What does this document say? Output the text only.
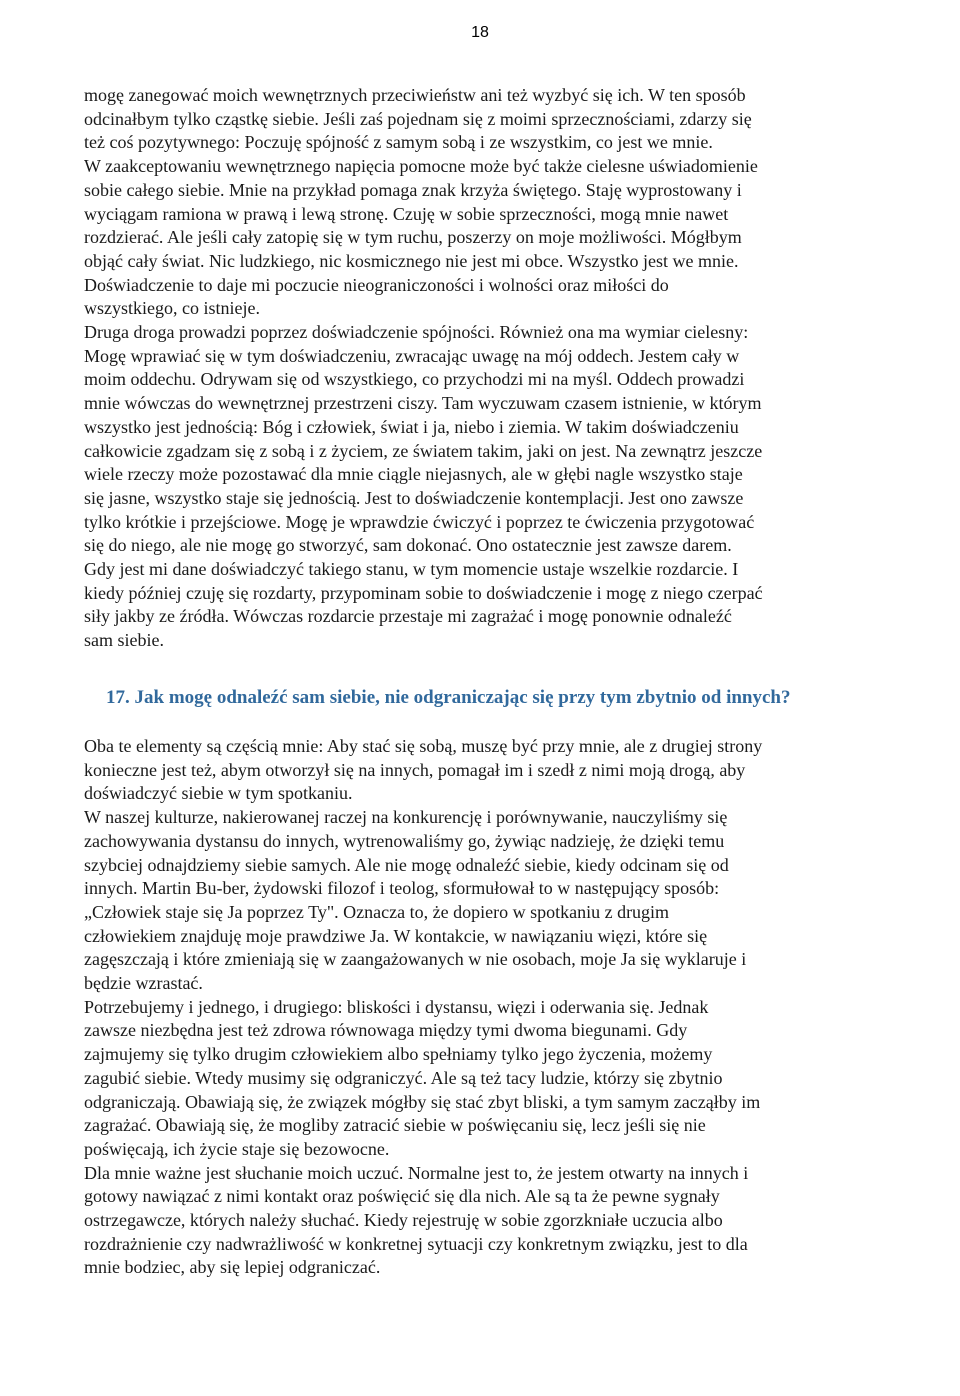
18

mogę zanegować moich wewnętrznych przeciwieństw ani też wyzbyć się ich. W ten sposób
odcinałbym tylko cząstkę siebie. Jeśli zaś pojednam się z moimi sprzecznościami, zdarzy się
też coś pozytywnego: Poczuję spójność z samym sobą i ze wszystkim, co jest we mnie.

W zaakceptowaniu wewnętrznego napięcia pomocne może być także cielesne uświadomienie
sobie całego siebie. Mnie na przykład pomaga znak krzyża świętego. Staję wyprostowany i
wyciągam ramiona w prawą i lewą stronę. Czuję w sobie sprzeczności, mogą mnie nawet
rozdzierać. Ale jeśli cały zatopię się w tym ruchu, poszerzy on moje możliwości. Mógłbym
objąć cały świat. Nic ludzkiego, nic kosmicznego nie jest mi obce. Wszystko jest we mnie.
Doświadczenie to daje mi poczucie nieograniczoności i wolności oraz miłości do
wszystkiego, co istnieje.

Druga droga prowadzi poprzez doświadczenie spójności. Również ona ma wymiar cielesny:
Mogę wprawiać się w tym doświadczeniu, zwracając uwagę na mój oddech. Jestem cały w
moim oddechu. Odrywam się od wszystkiego, co przychodzi mi na myśl. Oddech prowadzi
mnie wówczas do wewnętrznej przestrzeni ciszy. Tam wyczuwam czasem istnienie, w którym
wszystko jest jednością: Bóg i człowiek, świat i ja, niebo i ziemia. W takim doświadczeniu
całkowicie zgadzam się z sobą i z życiem, ze światem takim, jaki on jest. Na zewnątrz jeszcze
wiele rzeczy może pozostawać dla mnie ciągle niejasnych, ale w głębi nagle wszystko staje
się jasne, wszystko staje się jednością. Jest to doświadczenie kontemplacji. Jest ono zawsze
tylko krótkie i przejściowe. Mogę je wprawdzie ćwiczyć i poprzez te ćwiczenia przygotować
się do niego, ale nie mogę go stworzyć, sam dokonać. Ono ostatecznie jest zawsze darem.
Gdy jest mi dane doświadczyć takiego stanu, w tym momencie ustaje wszelkie rozdarcie. I
kiedy później czuję się rozdarty, przypominam sobie to doświadczenie i mogę z niego czerpać
siły jakby ze źródła. Wówczas rozdarcie przestaje mi zagrażać i mogę ponownie odnaleźć
sam siebie.

17. Jak mogę odnaleźć sam siebie, nie odgraniczając się przy tym zbytnio od innych?

Oba te elementy są częścią mnie: Aby stać się sobą, muszę być przy mnie, ale z drugiej strony
konieczne jest też, abym otworzył się na innych, pomagał im i szedł z nimi moją drogą, aby
doświadczyć siebie w tym spotkaniu.

W naszej kulturze, nakierowanej raczej na konkurencję i porównywanie, nauczyliśmy się
zachowywania dystansu do innych, wytrenowaliśmy go, żywiąc nadzieję, że dzięki temu
szybciej odnajdziemy siebie samych. Ale nie mogę odnaleźć siebie, kiedy odcinam się od
innych. Martin Bu-ber, żydowski filozof i teolog, sformułował to w następujący sposób:
„Człowiek staje się Ja poprzez Ty". Oznacza to, że dopiero w spotkaniu z drugim
człowiekiem znajduję moje prawdziwe Ja. W kontakcie, w nawiązaniu więzi, które się
zagęszczają i które zmieniają się w zaangażowanych w nie osobach, moje Ja się wyklaruje i
będzie wzrastać.

Potrzebujemy i jednego, i drugiego: bliskości i dystansu, więzi i oderwania się. Jednak
zawsze niezbędna jest też zdrowa równowaga między tymi dwoma biegunami. Gdy
zajmujemy się tylko drugim człowiekiem albo spełniamy tylko jego życzenia, możemy
zagubić siebie. Wtedy musimy się odgraniczyć. Ale są też tacy ludzie, którzy się zbytnio
odgraniczają. Obawiają się, że związek mógłby się stać zbyt bliski, a tym samym zacząłby im
zagrażać. Obawiają się, że mogliby zatracić siebie w poświęcaniu się, lecz jeśli się nie
poświęcają, ich życie staje się bezowocne.

Dla mnie ważne jest słuchanie moich uczuć. Normalne jest to, że jestem otwarty na innych i
gotowy nawiązać z nimi kontakt oraz poświęcić się dla nich. Ale są ta że pewne sygnały
ostrzegawcze, których należy słuchać. Kiedy rejestruję w sobie zgorzkniałe uczucia albo
rozdrażnienie czy nadwrażliwość w konkretnej sytuacji czy konkretnym związku, jest to dla
mnie bodziec, aby się lepiej odgraniczać.
